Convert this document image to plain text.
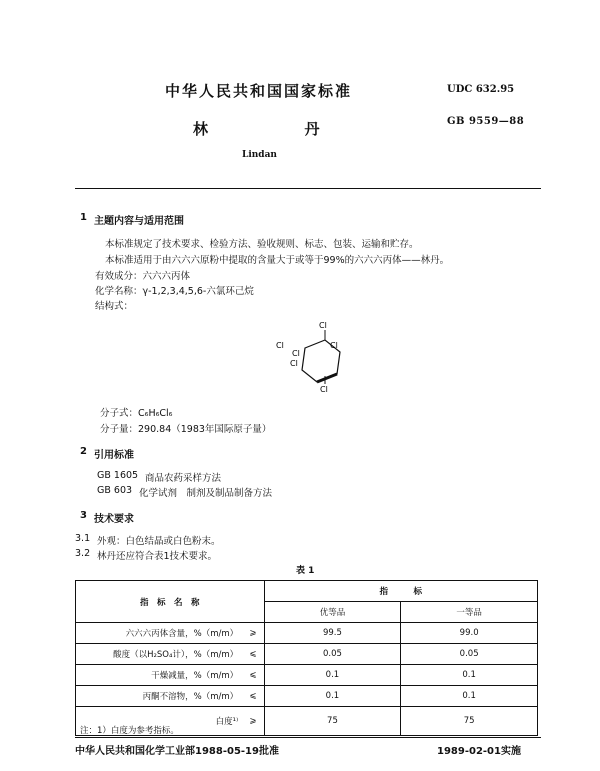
中华人民共和国国家标准	UDC 632.95
GB 9559—88
林	丹
Lindan
1 主题内容与适用范围
本标准规定了技术要求、检验方法、验收规则、标志、包装、运输和贮存。
本标准适用于由六六六原粉中提取的含量大于或等于99%的六六六丙体——林丹。
有效成分：六六六丙体
化学名称：γ-1,2,3,4,5,6-六氯环己烷
结构式：
Cl
Cl
Cl
Cl
Cl
Cl
分子式：C₆H₆Cl₆
分子量：290.84（1983年国际原子量）
2 引用标准
GB 1605 商品农药采样方法
GB 603 化学试剂　制剂及制品制备方法
3 技术要求
3.1 外观：白色结晶或白色粉末。
3.2 林丹还应符合表1技术要求。
表 1
指　标　名　称		指　　　标	
		优等品	一等品
六六六丙体含量，%（m/m）	⩾	99.5	99.0
酸度（以H₂SO₄计），%（m/m）	⩽	0.05	0.05
干燥减量，%（m/m）	⩽	0.1	0.1
丙酮不溶物，%（m/m）	⩽	0.1	0.1
白度¹⁾	⩾	75	75
注：1）白度为参考指标。
中华人民共和国化学工业部1988-05-19批准	1989-02-01实施
